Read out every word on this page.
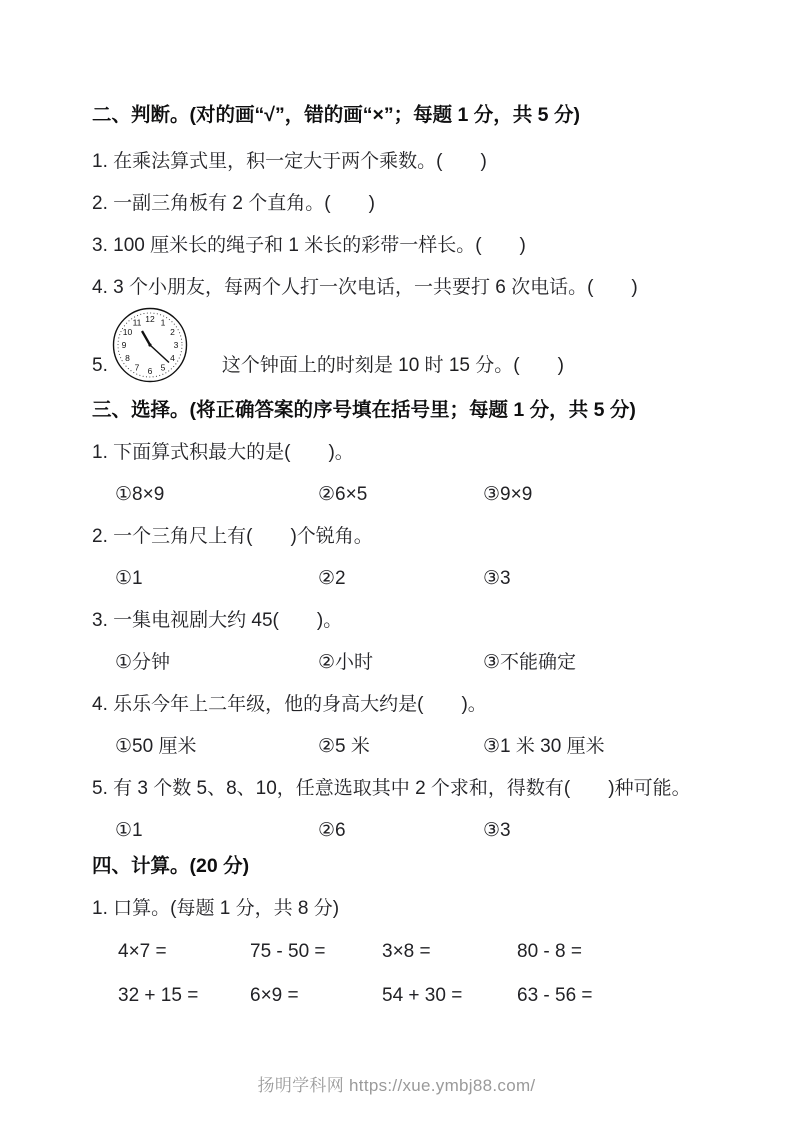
二、判断。(对的画“√”，错的画“×”；每题 1 分，共 5 分)
1. 在乘法算式里，积一定大于两个乘数。(　　)
2. 一副三角板有 2 个直角。(　　)
3. 100 厘米长的绳子和 1 米长的彩带一样长。(　　)
4. 3 个小朋友，每两个人打一次电话，一共要打 6 次电话。(　　)
5.
12 1
2
3
4
5
6
7
8
9
10
11
这个钟面上的时刻是 10 时 15 分。(　　)
三、选择。(将正确答案的序号填在括号里；每题 1 分，共 5 分)
1. 下面算式积最大的是(　　)。
①8×9	②6×5	③9×9
2. 一个三角尺上有(　　)个锐角。
①1	②2	③3
3. 一集电视剧大约 45(　　)。
①分钟	②小时	③不能确定
4. 乐乐今年上二年级，他的身高大约是(　　)。
①50 厘米	②5 米	③1 米 30 厘米
5. 有 3 个数 5、8、10，任意选取其中 2 个求和，得数有(　　)种可能。
①1	②6	③3
四、计算。(20 分)
1. 口算。(每题 1 分，共 8 分)
4×7 =	75 - 50 =	3×8 =	80 - 8 =
32 + 15 =	6×9 =	54 + 30 =	63 - 56 =
扬明学科网 https://xue.ymbj88.com/
